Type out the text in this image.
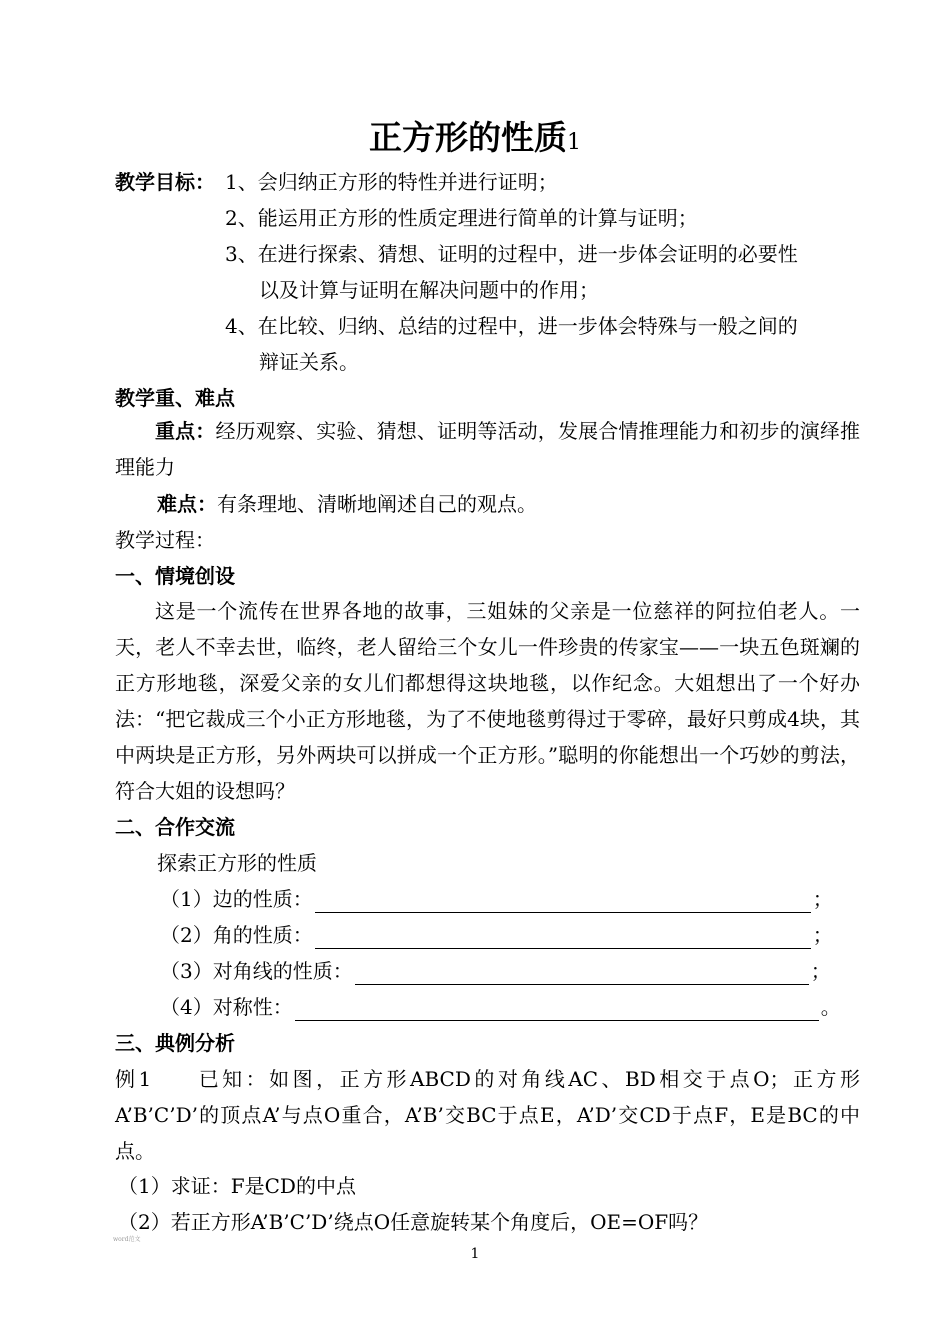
正方形的性质1
教学目标： 1、会归纳正方形的特性并进行证明；
2、能运用正方形的性质定理进行简单的计算与证明；
3、在进行探索、猜想、证明的过程中，进一步体会证明的必要性
以及计算与证明在解决问题中的作用；
4、在比较、归纳、总结的过程中，进一步体会特殊与一般之间的
辩证关系。
教学重、难点
重点：经历观察、实验、猜想、证明等活动，发展合情推理能力和初步的演绎推理能力
难点：有条理地、清晰地阐述自己的观点。
教学过程：
一、情境创设
这是一个流传在世界各地的故事，三姐妹的父亲是一位慈祥的阿拉伯老人。一天，老人不幸去世，临终，老人留给三个女儿一件珍贵的传家宝——一块五色斑斓的正方形地毯，深爱父亲的女儿们都想得这块地毯，以作纪念。大姐想出了一个好办法：“把它裁成三个小正方形地毯，为了不使地毯剪得过于零碎，最好只剪成4块，其中两块是正方形，另外两块可以拼成一个正方形。”聪明的你能想出一个巧妙的剪法，符合大姐的设想吗？
二、合作交流
探索正方形的性质
（1）边的性质：	；
（2）角的性质：	；
（3）对角线的性质：	；
（4）对称性：	。
三、典例分析
例1 已知：如图，正方形ABCD的对角线AC、BD相交于点O；正方形A’B’C’D’的顶点A’与点O重合，A’B’交BC于点E，A’D’交CD于点F，E是BC的中点。
（1）求证：F是CD的中点
（2）若正方形A’B’C’D’绕点O任意旋转某个角度后，OE=OF吗？
word范文
1
